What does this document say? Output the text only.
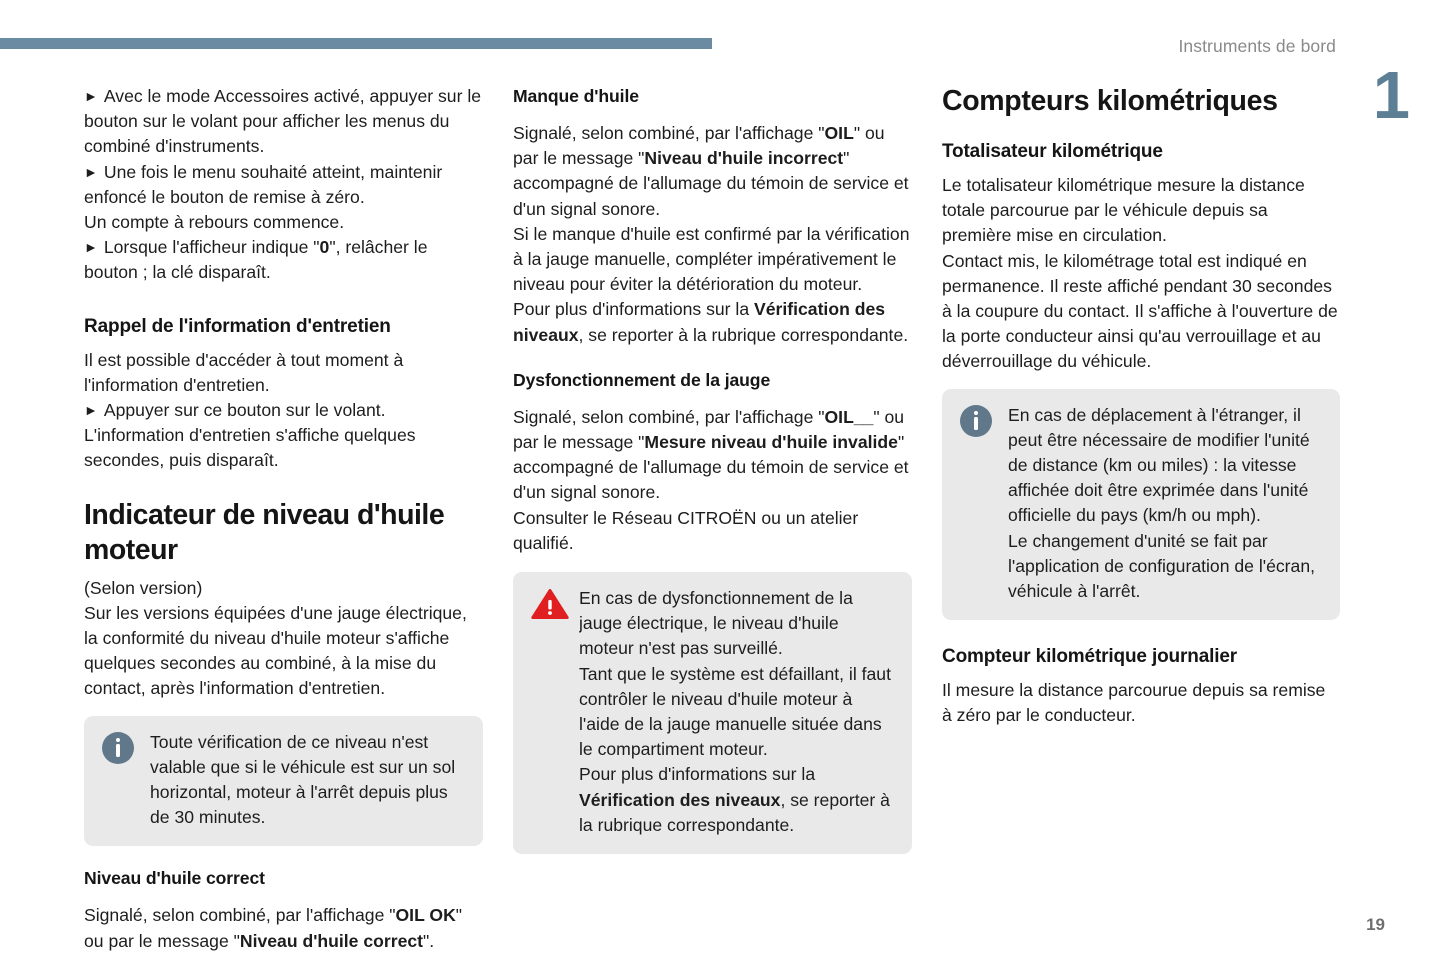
Instruments de bord
1
19

► Avec le mode Accessoires activé, appuyer sur le bouton sur le volant pour afficher les menus du combiné d'instruments.

► Une fois le menu souhaité atteint, maintenir enfoncé le bouton de remise à zéro.

Un compte à rebours commence.

► Lorsque l'afficheur indique "0", relâcher le bouton ; la clé disparaît.

Rappel de l'information d'entretien

Il est possible d'accéder à tout moment à l'information d'entretien.

► Appuyer sur ce bouton sur le volant.

L'information d'entretien s'affiche quelques secondes, puis disparaît.

Indicateur de niveau d'huile moteur

(Selon version)

Sur les versions équipées d'une jauge électrique, la conformité du niveau d'huile moteur s'affiche quelques secondes au combiné, à la mise du contact, après l'information d'entretien.

Toute vérification de ce niveau n'est valable que si le véhicule est sur un sol horizontal, moteur à l'arrêt depuis plus de 30 minutes.

Niveau d'huile correct

Signalé, selon combiné, par l'affichage "OIL OK" ou par le message "Niveau d'huile correct".

Manque d'huile

Signalé, selon combiné, par l'affichage "OIL" ou par le message "Niveau d'huile incorrect" accompagné de l'allumage du témoin de service et d'un signal sonore.

Si le manque d'huile est confirmé par la vérification à la jauge manuelle, compléter impérativement le niveau pour éviter la détérioration du moteur.

Pour plus d'informations sur la Vérification des niveaux, se reporter à la rubrique correspondante.

Dysfonctionnement de la jauge

Signalé, selon combiné, par l'affichage "OIL__" ou par le message "Mesure niveau d'huile invalide" accompagné de l'allumage du témoin de service et d'un signal sonore.

Consulter le Réseau CITROËN ou un atelier qualifié.

En cas de dysfonctionnement de la jauge électrique, le niveau d'huile moteur n'est pas surveillé.

Tant que le système est défaillant, il faut contrôler le niveau d'huile moteur à l'aide de la jauge manuelle située dans le compartiment moteur.

Pour plus d'informations sur la Vérification des niveaux, se reporter à la rubrique correspondante.

Compteurs kilométriques
Totalisateur kilométrique

Le totalisateur kilométrique mesure la distance totale parcourue par le véhicule depuis sa première mise en circulation.

Contact mis, le kilométrage total est indiqué en permanence. Il reste affiché pendant 30 secondes à la coupure du contact. Il s'affiche à l'ouverture de la porte conducteur ainsi qu'au verrouillage et au déverrouillage du véhicule.

En cas de déplacement à l'étranger, il peut être nécessaire de modifier l'unité de distance (km ou miles) : la vitesse affichée doit être exprimée dans l'unité officielle du pays (km/h ou mph).

Le changement d'unité se fait par l'application de configuration de l'écran, véhicule à l'arrêt.

Compteur kilométrique journalier

Il mesure la distance parcourue depuis sa remise à zéro par le conducteur.
